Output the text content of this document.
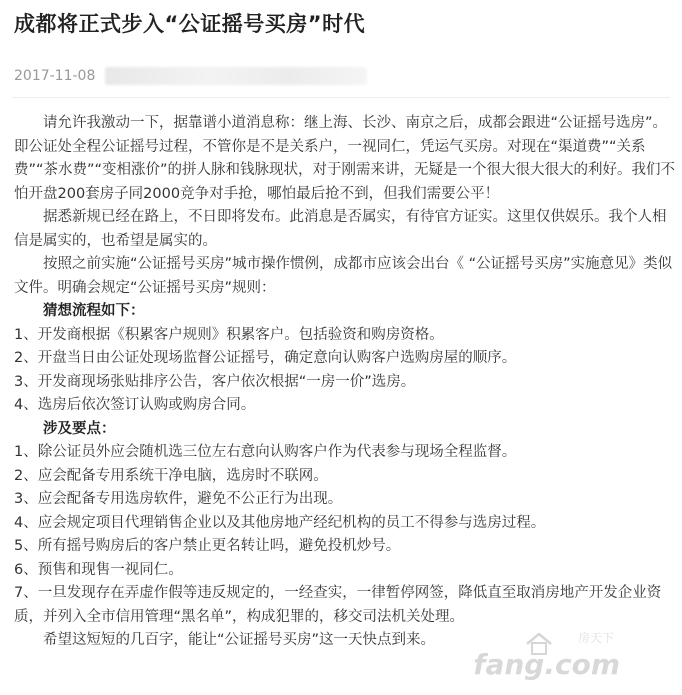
成都将正式步入“公证摇号买房”时代
2017-11-08

请允许我激动一下，据靠谱小道消息称：继上海、长沙、南京之后，成都会跟进“公证摇号选房”。即公证处全程公证摇号过程，不管你是不是关系户，一视同仁，凭运气买房。对现在“渠道费”“关系费”“茶水费”“变相涨价”的拼人脉和钱脉现状，对于刚需来讲，无疑是一个很大很大很大的利好。我们不怕开盘200套房子同2000竞争对手抢，哪怕最后抢不到，但我们需要公平！

据悉新规已经在路上，不日即将发布。此消息是否属实，有待官方证实。这里仅供娱乐。我个人相信是属实的，也希望是属实的。

按照之前实施“公证摇号买房”城市操作惯例，成都市应该会出台《 “公证摇号买房”实施意见》类似文件。明确会规定“公证摇号买房”规则：

猜想流程如下：

1、开发商根据《积累客户规则》积累客户。包括验资和购房资格。

2、开盘当日由公证处现场监督公证摇号，确定意向认购客户选购房屋的顺序。

3、开发商现场张贴排序公告，客户依次根据“一房一价”选房。

4、选房后依次签订认购或购房合同。

涉及要点：

1、除公证员外应会随机选三位左右意向认购客户作为代表参与现场全程监督。

2、应会配备专用系统干净电脑，选房时不联网。

3、应会配备专用选房软件，避免不公正行为出现。

4、应会规定项目代理销售企业以及其他房地产经纪机构的员工不得参与选房过程。

5、所有摇号购房后的客户禁止更名转让吗，避免投机炒号。

6、预售和现售一视同仁。

7、一旦发现存在弄虚作假等违反规定的，一经查实，一律暂停网签，降低直至取消房地产开发企业资质，并列入全市信用管理“黑名单”，构成犯罪的，移交司法机关处理。

希望这短短的几百字，能让“公证摇号买房”这一天快点到来。	房天下
fang.com
